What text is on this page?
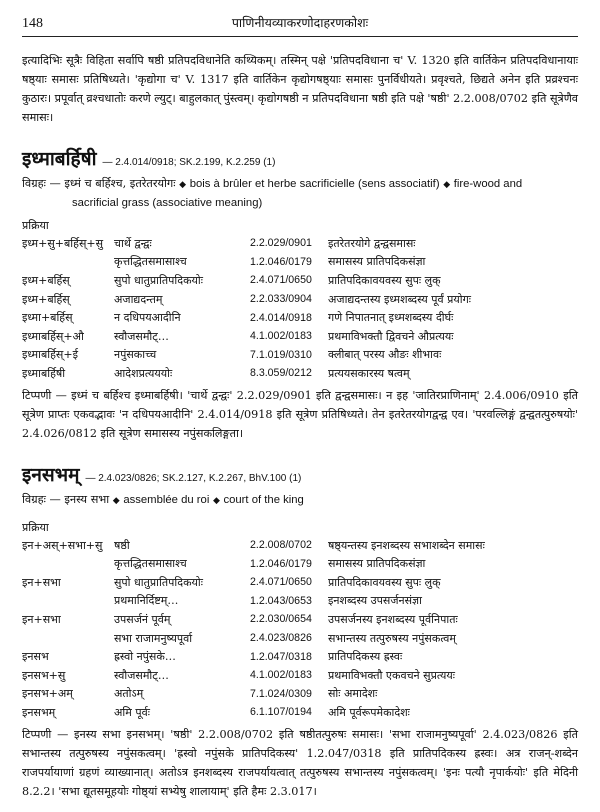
148	पाणिनीयव्याकरणोदाहरणकोशः

इत्यादिभिः सूत्रैः विहिता सर्वापि षष्ठी प्रतिपदविधानेति कथ्यिकम्। तस्मिन् पक्षे 'प्रतिपदविधाना च' V. 1320 इति वार्तिकेन प्रतिपदविधानायाः षष्ठ्याः समासः प्रतिषिध्यते। 'कृद्योगा च' V. 1317 इति वार्तिकेन कृद्योगषष्ठ्याः समासः पुनर्विधीयते। प्रवृश्चते, छिद्यते अनेन इति प्रव्रश्चनः कुठारः। प्रपूर्वात् व्रश्चधातोः करणे ल्युट्। बाहुलकात् पुंस्त्वम्। कृद्योगषष्ठी न प्रतिपदविधाना षष्ठी इति पक्षे 'षष्ठी' 2.2.008/0702 इति सूत्रेणैव समासः।

इध्माबर्हिषी — 2.4.014/0918; SK.2.199, K.2.259 (1)
विग्रहः — इध्मं च बर्हिश्च, इतरेतरयोगः ◆ bois à brûler et herbe sacrificielle (sens associatif) ◆ fire-wood and
sacrificial grass (associative meaning)
प्रक्रिया
इध्म+सु+बर्हिस्+सु	चार्थे द्वन्द्वः	2.2.029/0901	इतरेतरयोगे द्वन्द्वसमासः
	कृत्तद्धितसमासाश्च	1.2.046/0179	समासस्य प्रातिपदिकसंज्ञा
इध्म+बर्हिस्	सुपो धातुप्रातिपदिकयोः	2.4.071/0650	प्रातिपदिकावयवस्य सुपः लुक्
इध्म+बर्हिस्	अजाद्यदन्तम्	2.2.033/0904	अजाद्यदन्तस्य इध्मशब्दस्य पूर्वं प्रयोगः
इध्मा+बर्हिस्	न दधिपयआदीनि	2.4.014/0918	गणे निपातनात् इध्मशब्दस्य दीर्घः
इध्माबर्हिस्+औ	स्वौजसमौट्…	4.1.002/0183	प्रथमाविभक्तौ द्विवचने औप्रत्ययः
इध्माबर्हिस्+ई	नपुंसकाच्च	7.1.019/0310	क्लीबात् परस्य औङः शीभावः
इध्माबर्हिषी	आदेशप्रत्यययोः	8.3.059/0212	प्रत्ययसकारस्य षत्वम्

टिप्पणी — इध्मं च बर्हिश्च इध्माबर्हिषी। 'चार्थे द्वन्द्वः' 2.2.029/0901 इति द्वन्द्वसमासः। न इह 'जातिरप्राणिनाम्' 2.4.006/0910 इति सूत्रेण प्राप्तः एकवद्भावः 'न दधिपयआदीनि' 2.4.014/0918 इति सूत्रेण प्रतिषिध्यते। तेन इतरेतरयोगद्वन्द्व एव। 'परवल्लिङ्गं द्वन्द्वतत्पुरुषयोः' 2.4.026/0812 इति सूत्रेण समासस्य नपुंसकलिङ्गता।

इनसभम् — 2.4.023/0826; SK.2.127, K.2.267, BhV.100 (1)
विग्रहः — इनस्य सभा ◆ assemblée du roi ◆ court of the king
प्रक्रिया
इन+अस्+सभा+सु	षष्ठी	2.2.008/0702	षष्ठ्यन्तस्य इनशब्दस्य सभाशब्देन समासः
	कृत्तद्धितसमासाश्च	1.2.046/0179	समासस्य प्रातिपदिकसंज्ञा
इन+सभा	सुपो धातुप्रातिपदिकयोः	2.4.071/0650	प्रातिपदिकावयवस्य सुपः लुक्
	प्रथमानिर्दिष्टम्…	1.2.043/0653	इनशब्दस्य उपसर्जनसंज्ञा
इन+सभा	उपसर्जनं पूर्वम्	2.2.030/0654	उपसर्जनस्य इनशब्दस्य पूर्वनिपातः
	सभा राजामनुष्यपूर्वा	2.4.023/0826	सभान्तस्य तत्पुरुषस्य नपुंसकत्वम्
इनसभ	ह्रस्वो नपुंसके…	1.2.047/0318	प्रातिपदिकस्य ह्रस्वः
इनसभ+सु	स्वौजसमौट्…	4.1.002/0183	प्रथमाविभक्तौ एकवचने सुप्रत्ययः
इनसभ+अम्	अतोऽम्	7.1.024/0309	सोः अमादेशः
इनसभम्	अमि पूर्वः	6.1.107/0194	अमि पूर्वरूपमेकादेशः

टिप्पणी — इनस्य सभा इनसभम्। 'षष्ठी' 2.2.008/0702 इति षष्ठीतत्पुरुषः समासः। 'सभा राजामनुष्यपूर्वा' 2.4.023/0826 इति सभान्तस्य तत्पुरुषस्य नपुंसकत्वम्। 'ह्रस्वो नपुंसके प्रातिपदिकस्य' 1.2.047/0318 इति प्रातिपदिकस्य ह्रस्वः। अत्र राजन्-शब्देन राजपर्यायाणां ग्रहणं व्याख्यानात्। अतोऽत्र इनशब्दस्य राजपर्यायत्वात् तत्पुरुषस्य सभान्तस्य नपुंसकत्वम्। 'इनः पत्यौ नृपार्कयोः' इति मेदिनी 8.2.2। 'सभा द्यूतसमूहयोः गोष्ठ्यां सभ्येषु शालायाम्' इति हैमः 2.3.017।
